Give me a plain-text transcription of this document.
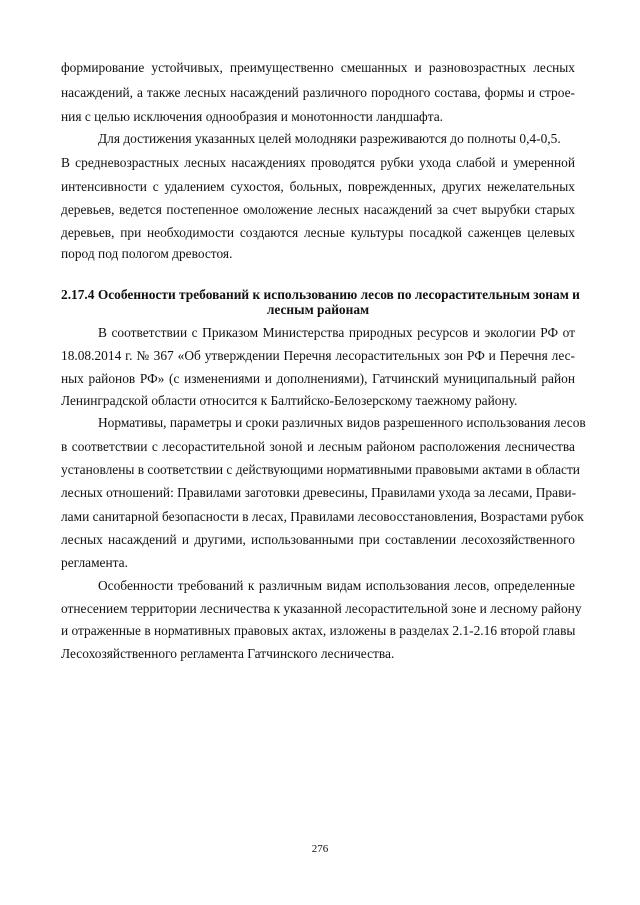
формирование устойчивых, преимущественно смешанных и разновозрастных лесных
насаждений, а также лесных насаждений различного породного состава, формы и строе-
ния с целью исключения однообразия и монотонности ландшафта.
Для достижения указанных целей молодняки разреживаются до полноты 0,4-0,5.
В средневозрастных лесных насаждениях проводятся рубки ухода слабой и умеренной
интенсивности с удалением сухостоя, больных, поврежденных, других нежелательных
деревьев, ведется постепенное омоложение лесных насаждений за счет вырубки старых
деревьев, при необходимости создаются лесные культуры посадкой саженцев целевых
пород под пологом древостоя.
2.17.4 Особенности требований к использованию лесов по лесорастительным зонам и
лесным районам
В соответствии с Приказом Министерства природных ресурсов и экологии РФ от
18.08.2014 г. № 367 «Об утверждении Перечня лесорастительных зон РФ и Перечня лес-
ных районов РФ» (с изменениями и дополнениями), Гатчинский муниципальный район
Ленинградской области относится к Балтийско-Белозерскому таежному району.
Нормативы, параметры и сроки различных видов разрешенного использования лесов
в соответствии с лесорастительной зоной и лесным районом расположения лесничества
установлены в соответствии с действующими нормативными правовыми актами в области
лесных отношений: Правилами заготовки древесины, Правилами ухода за лесами, Прави-
лами санитарной безопасности в лесах, Правилами лесовосстановления, Возрастами рубок
лесных насаждений и другими, использованными при составлении лесохозяйственного
регламента.
Особенности требований к различным видам использования лесов, определенные
отнесением территории лесничества к указанной лесорастительной зоне и лесному району
и отраженные в нормативных правовых актах, изложены в разделах 2.1-2.16 второй главы
Лесохозяйственного регламента Гатчинского лесничества.
276
